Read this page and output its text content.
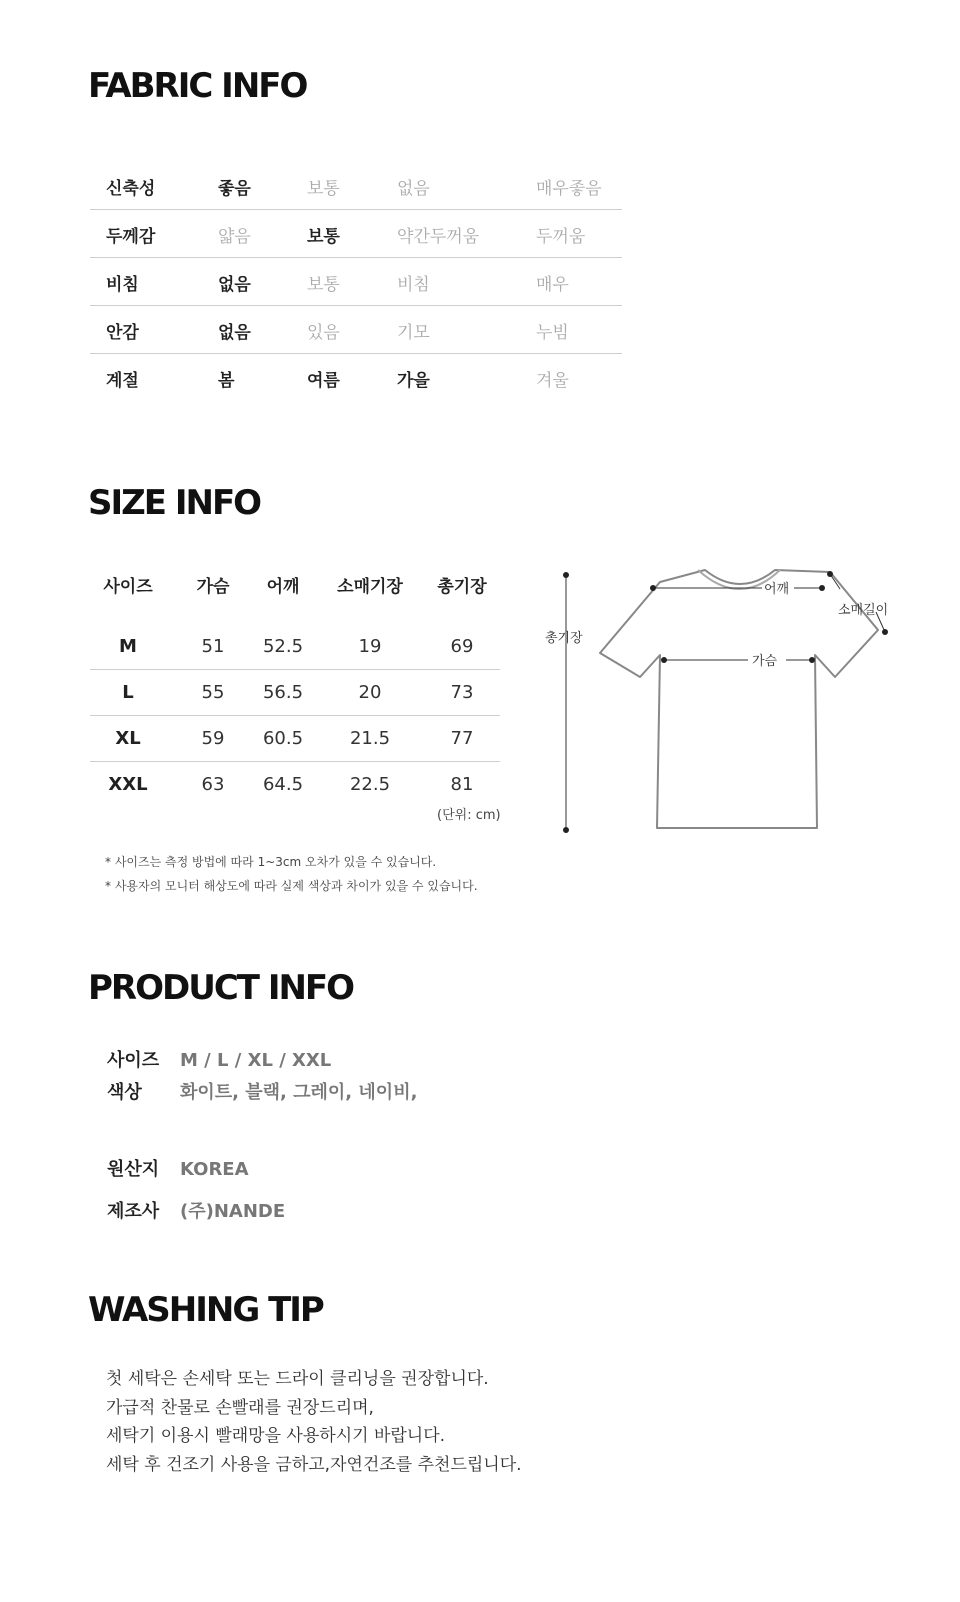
FABRIC INFO
신축성	좋음	보통	없음	매우좋음
두께감	얇음	보통	약간두꺼움	두꺼움
비침	없음	보통	비침	매우
안감	없음	있음	기모	누빔
계절	봄	여름	가을	겨울
SIZE INFO
사이즈	가슴	어깨	소매기장	총기장
M	51	52.5	19	69
L	55	56.5	20	73
XL	59	60.5	21.5	77
XXL	63	64.5	22.5	81
(단위: cm)
* 사이즈는 측정 방법에 따라 1~3cm 오차가 있을 수 있습니다.
* 사용자의 모니터 해상도에 따라 실제 색상과 차이가 있을 수 있습니다.
총기장
어깨
소매길이
가슴
PRODUCT INFO
사이즈 M / L / XL / XXL
색상 화이트, 블랙, 그레이, 네이비,
원산지 KOREA
제조사 (주)NANDE
WASHING TIP
첫 세탁은 손세탁 또는 드라이 클리닝을 권장합니다.
가급적 찬물로 손빨래를 권장드리며,
세탁기 이용시 빨래망을 사용하시기 바랍니다.
세탁 후 건조기 사용을 금하고,자연건조를 추천드립니다.
